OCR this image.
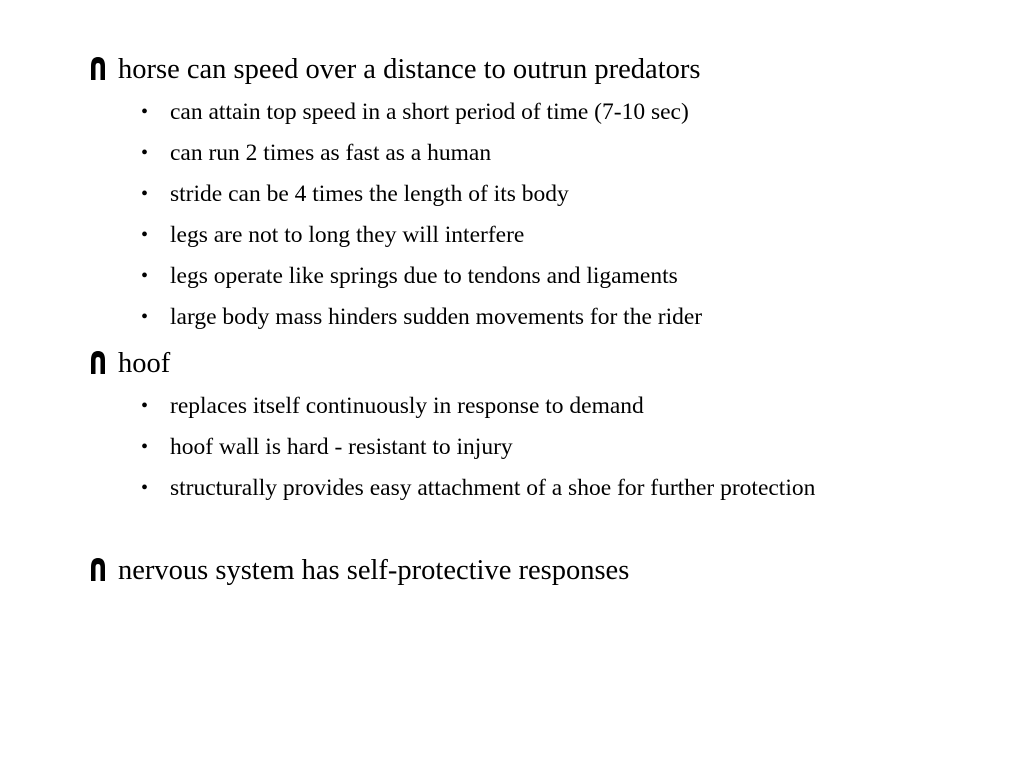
horse can speed over a distance to outrun predators
• can attain top speed in a short period of time (7-10 sec)
• can run 2 times as fast as a human
• stride can be 4 times the length of its body
• legs are not to long they will interfere
• legs operate like springs due to tendons and ligaments
• large body mass hinders sudden movements for the rider
hoof
• replaces itself continuously in response to demand
• hoof wall is hard - resistant to injury
• structurally provides easy attachment of a shoe for further protection
nervous system has self-protective responses
